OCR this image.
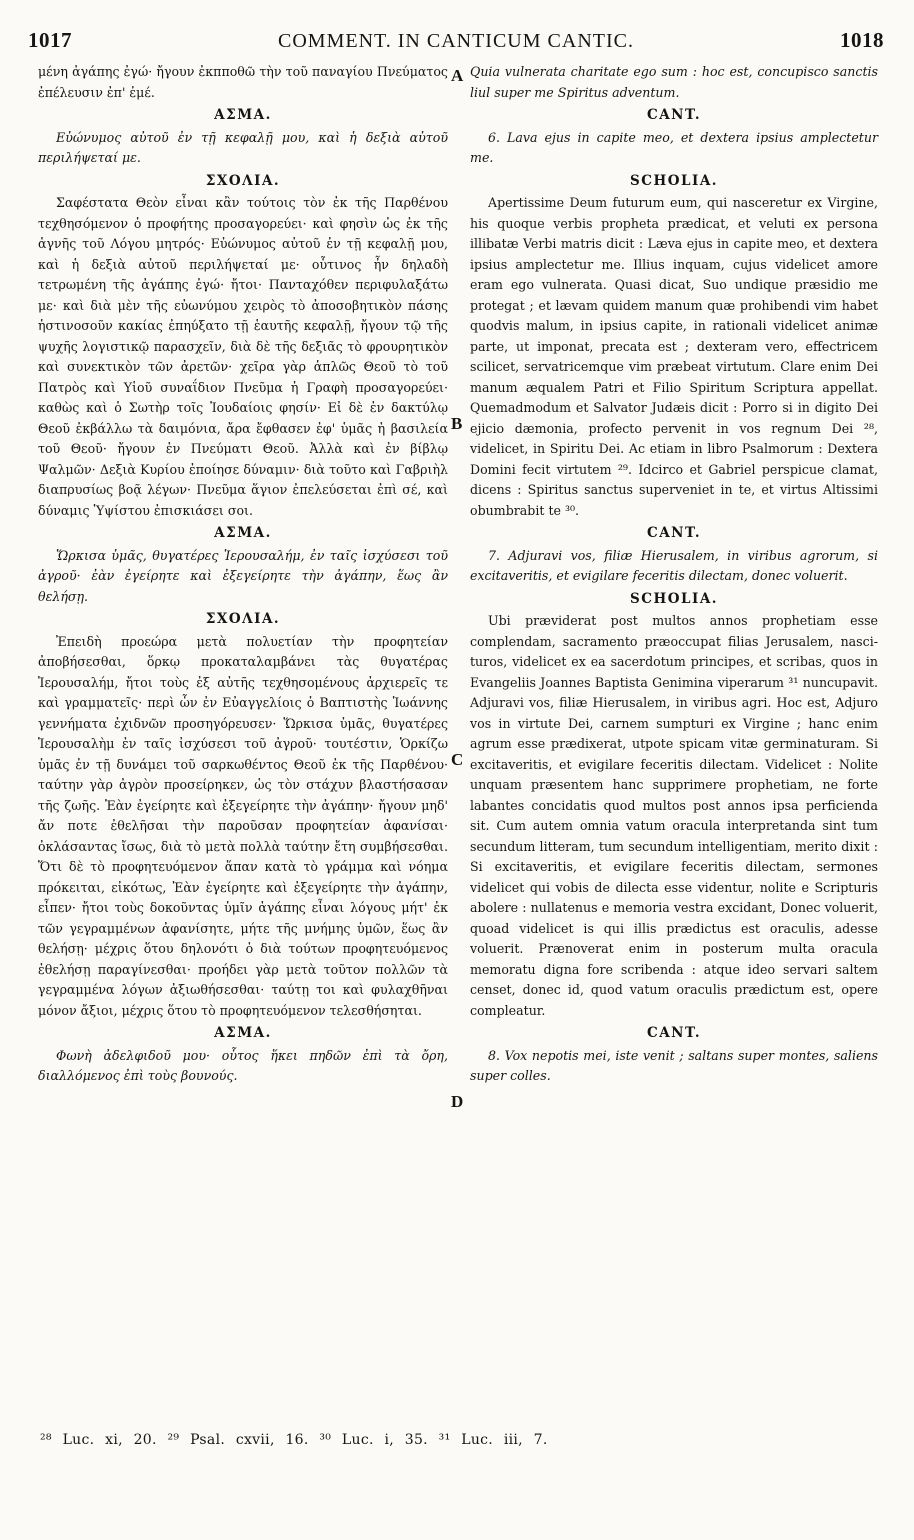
1017	COMMENT. IN CANTICUM CANTIC.	1018

μένη ἀγάπης ἐγώ· ἤγουν ἐκπποθῶ τὴν τοῦ παναγίου Πνεύματος ἐπέλευσιν ἐπ' ἐμέ.

ΑΣΜΑ.

Εὐώνυμος αὐτοῦ ἐν τῇ κεφαλῇ μου, καὶ ἡ δεξιὰ αὐτοῦ περιλήψεταί με.

ΣΧΟΛΙΑ.

Σαφέστατα Θεὸν εἶναι κἂν τούτοις τὸν ἐκ τῆς Παρθένου τεχθησόμενον ὁ προφήτης προσαγορεύει· καὶ φησὶν ὡς ἐκ τῆς ἁγνῆς τοῦ Λόγου μητρός· Εὐώνυμος αὐτοῦ ἐν τῇ κεφαλῇ μου, καὶ ἡ δεξιὰ αὐτοῦ περιλήψεταί με· οὗτινος ἦν δηλαδὴ τετρωμένη τῆς ἀγάπης ἐγώ· ἤτοι· Πανταχόθεν περιφυλαξάτω με· καὶ διὰ μὲν τῆς εὐωνύμου χειρὸς τὸ ἀποσοβητικὸν πάσης ἡστινοσοῦν κακίας ἐπηύξατο τῇ ἑαυτῆς κεφαλῇ, ἤγουν τῷ τῆς ψυχῆς λογιστικῷ παρασχεῖν, διὰ δὲ τῆς δεξιᾶς τὸ φρουρητικὸν καὶ συνεκτικὸν τῶν ἀρετῶν· χεῖρα γὰρ ἁπλῶς Θεοῦ τὸ τοῦ Πατρὸς καὶ Υἱοῦ συναΐδιον Πνεῦμα ἡ Γραφὴ προσαγορεύει· καθὼς καὶ ὁ Σωτὴρ τοῖς Ἰουδαίοις φησίν· Εἰ δὲ ἐν δακτύλῳ Θεοῦ ἐκβάλλω τὰ δαιμόνια, ἄρα ἔφθασεν ἐφ' ὑμᾶς ἡ βασιλεία τοῦ Θεοῦ· ἤγουν ἐν Πνεύματι Θεοῦ. Ἀλλὰ καὶ ἐν βίβλῳ Ψαλμῶν· Δεξιὰ Κυρίου ἐποίησε δύναμιν· διὰ τοῦτο καὶ Γαβριὴλ διαπρυσίως βοᾷ λέγων· Πνεῦμα ἅγιον ἐπελεύσεται ἐπὶ σέ, καὶ δύναμις Ὑψίστου ἐπισκιάσει σοι.

ΑΣΜΑ.

Ὥρκισα ὑμᾶς, θυγατέρες Ἱερουσαλήμ, ἐν ταῖς ἰσχύσεσι τοῦ ἀγροῦ· ἐὰν ἐγείρητε καὶ ἐξεγείρητε τὴν ἀγάπην, ἕως ἂν θελήσῃ.

ΣΧΟΛΙΑ.

Ἐπειδὴ προεώρα μετὰ πολυετίαν τὴν προφητείαν ἀποβήσεσθαι, ὅρκῳ προκαταλαμβάνει τὰς θυγατέρας Ἱερουσαλήμ, ἤτοι τοὺς ἐξ αὐτῆς τεχθησομένους ἀρχιερεῖς τε καὶ γραμματεῖς· περὶ ὧν ἐν Εὐαγγελίοις ὁ Βαπτιστὴς Ἰωάννης γεννήματα ἐχιδνῶν προσηγόρευσεν· Ὥρκισα ὑμᾶς, θυγατέρες Ἱερουσαλὴμ ἐν ταῖς ἰσχύσεσι τοῦ ἀγροῦ· τουτέστιν, Ὁρκίζω ὑμᾶς ἐν τῇ δυνάμει τοῦ σαρκωθέντος Θεοῦ ἐκ τῆς Παρθένου· ταύτην γὰρ ἀγρὸν προσείρηκεν, ὡς τὸν στάχυν βλαστήσασαν τῆς ζωῆς. Ἐὰν ἐγείρητε καὶ ἐξεγείρητε τὴν ἀγάπην· ἤγουν μηδ' ἄν ποτε ἐθελῆσαι τὴν παροῦσαν προφητείαν ἀφανίσαι· ὀκλάσαντας ἴσως, διὰ τὸ μετὰ πολλὰ ταύτην ἔτη συμβήσεσθαι. Ὅτι δὲ τὸ προφητευόμενον ἅπαν κατὰ τὸ γράμμα καὶ νόημα πρόκειται, εἰκότως, Ἐὰν ἐγείρητε καὶ ἐξεγείρητε τὴν ἀγάπην, εἶπεν· ἤτοι τοὺς δοκοῦντας ὑμῖν ἀγάπης εἶναι λόγους μήτ' ἐκ τῶν γεγραμμένων ἀφανίσητε, μήτε τῆς μνήμης ὑμῶν, ἕως ἂν θελήσῃ· μέχρις ὅτου δηλονότι ὁ διὰ τούτων προφητευόμενος ἐθελήσῃ παραγίνεσθαι· προήδει γὰρ μετὰ τοῦτον πολλῶν τὰ γεγραμμένα λόγων ἀξιωθήσεσθαι· ταύτῃ τοι καὶ φυλαχθῆναι μόνον ἄξιοι, μέχρις ὅτου τὸ προφητευόμενον τελεσθήσηται.

ΑΣΜΑ.

Φωνὴ ἀδελφιδοῦ μου· οὗτος ἥκει πηδῶν ἐπὶ τὰ ὄρη, διαλλόμενος ἐπὶ τοὺς βουνούς.

A
B
C
D

Quia vulnerata charitate ego sum : hoc est, concupisco sanctis liul super me Spiritus adventum.

CANT.

6. Lava ejus in capite meo, et dextera ipsius amplectetur me.

SCHOLIA.

Apertissime Deum futurum eum, qui nasceretur ex Virgine, his quoque verbis propheta prædicat, et veluti ex persona illibatæ Verbi matris dicit : Læva ejus in capite meo, et dextera ipsius amplectetur me. Illius inquam, cujus videlicet amore eram ego vulnerata. Quasi dicat, Suo undique præsidio me protegat ; et lævam quidem manum quæ prohibendi vim habet quodvis malum, in ipsius capite, in rationali videlicet animæ parte, ut imponat, precata est ; dexteram vero, effectricem scilicet, servatricemque vim præbeat virtutum. Clare enim Dei manum æqualem Patri et Filio Spiritum Scriptura appellat. Quemadmodum et Salvator Judæis dicit : Porro si in digito Dei ejicio dæmonia, profecto pervenit in vos regnum Dei ²⁸, videlicet, in Spiritu Dei. Ac etiam in libro Psalmorum : Dextera Domini fecit virtutem ²⁹. Idcirco et Gabriel perspicue clamat, dicens : Spiritus sanctus superveniet in te, et virtus Altissimi obumbrabit te ³⁰.

CANT.

7. Adjuravi vos, filiæ Hierusalem, in viribus agrorum, si excitaveritis, et evigilare feceritis dilectam, donec voluerit.

SCHOLIA.

Ubi præviderat post multos annos prophetiam esse complendam, sacramento præoccupat filias Jerusalem, nascituros, videlicet ex ea sacerdotum principes, et scribas, quos in Evangeliis Joannes Baptista Genimina viperarum ³¹ nuncupavit. Adjuravi vos, filiæ Hierusalem, in viribus agri. Hoc est, Adjuro vos in virtute Dei, carnem sumpturi ex Virgine ; hanc enim agrum esse prædixerat, utpote spicam vitæ germinaturam. Si excitaveritis, et evigilare feceritis dilectam. Videlicet : Nolite unquam præsentem hanc supprimere prophetiam, ne forte labantes concidatis quod multos post annos ipsa perficienda sit. Cum autem omnia vatum oracula interpretanda sint tum secundum litteram, tum secundum intelligentiam, merito dixit : Si excitaveritis, et evigilare feceritis dilectam, sermones videlicet qui vobis de dilecta esse videntur, nolite e Scripturis abolere : nullatenus e memoria vestra excidant, Donec voluerit, quoad videlicet is qui illis prædictus est oraculis, adesse voluerit. Prænoverat enim in posterum multa oracula memoratu digna fore scribenda : atque ideo servari saltem censet, donec id, quod vatum oraculis prædictum est, opere compleatur.

CANT.

8. Vox nepotis mei, iste venit ; saltans super montes, saliens super colles.

²⁸ Luc. xi, 20. ²⁹ Psal. cxvii, 16. ³⁰ Luc. i, 35. ³¹ Luc. iii, 7.
